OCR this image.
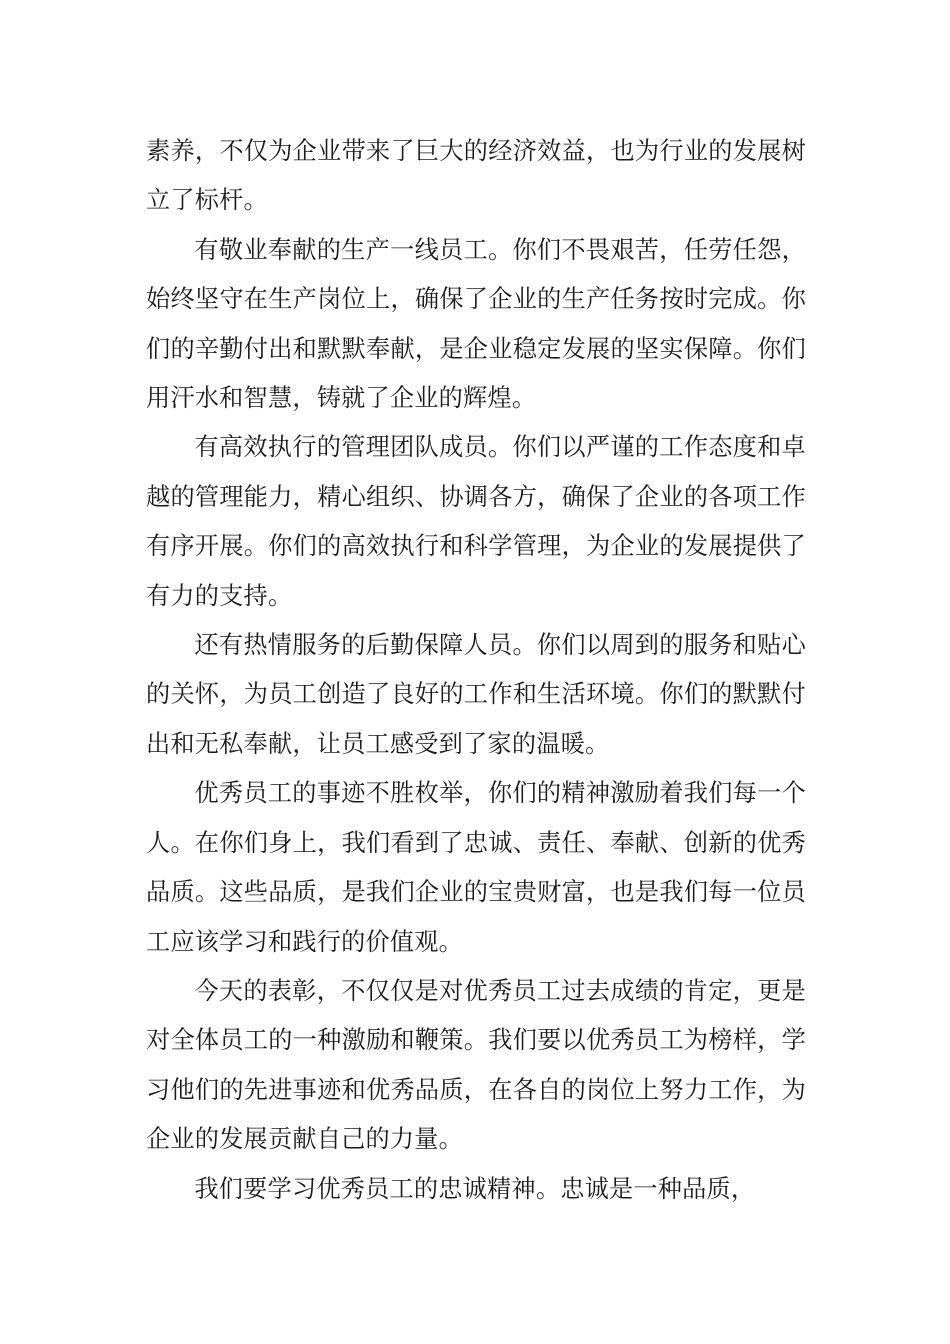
素养，不仅为企业带来了巨大的经济效益，也为行业的发展树立了标杆。

有敬业奉献的生产一线员工。你们不畏艰苦，任劳任怨，始终坚守在生产岗位上，确保了企业的生产任务按时完成。你们的辛勤付出和默默奉献，是企业稳定发展的坚实保障。你们用汗水和智慧，铸就了企业的辉煌。

有高效执行的管理团队成员。你们以严谨的工作态度和卓越的管理能力，精心组织、协调各方，确保了企业的各项工作有序开展。你们的高效执行和科学管理，为企业的发展提供了有力的支持。

还有热情服务的后勤保障人员。你们以周到的服务和贴心的关怀，为员工创造了良好的工作和生活环境。你们的默默付出和无私奉献，让员工感受到了家的温暖。

优秀员工的事迹不胜枚举，你们的精神激励着我们每一个人。在你们身上，我们看到了忠诚、责任、奉献、创新的优秀品质。这些品质，是我们企业的宝贵财富，也是我们每一位员工应该学习和践行的价值观。

今天的表彰，不仅仅是对优秀员工过去成绩的肯定，更是对全体员工的一种激励和鞭策。我们要以优秀员工为榜样，学习他们的先进事迹和优秀品质，在各自的岗位上努力工作，为企业的发展贡献自己的力量。

我们要学习优秀员工的忠诚精神。忠诚是一种品质，
